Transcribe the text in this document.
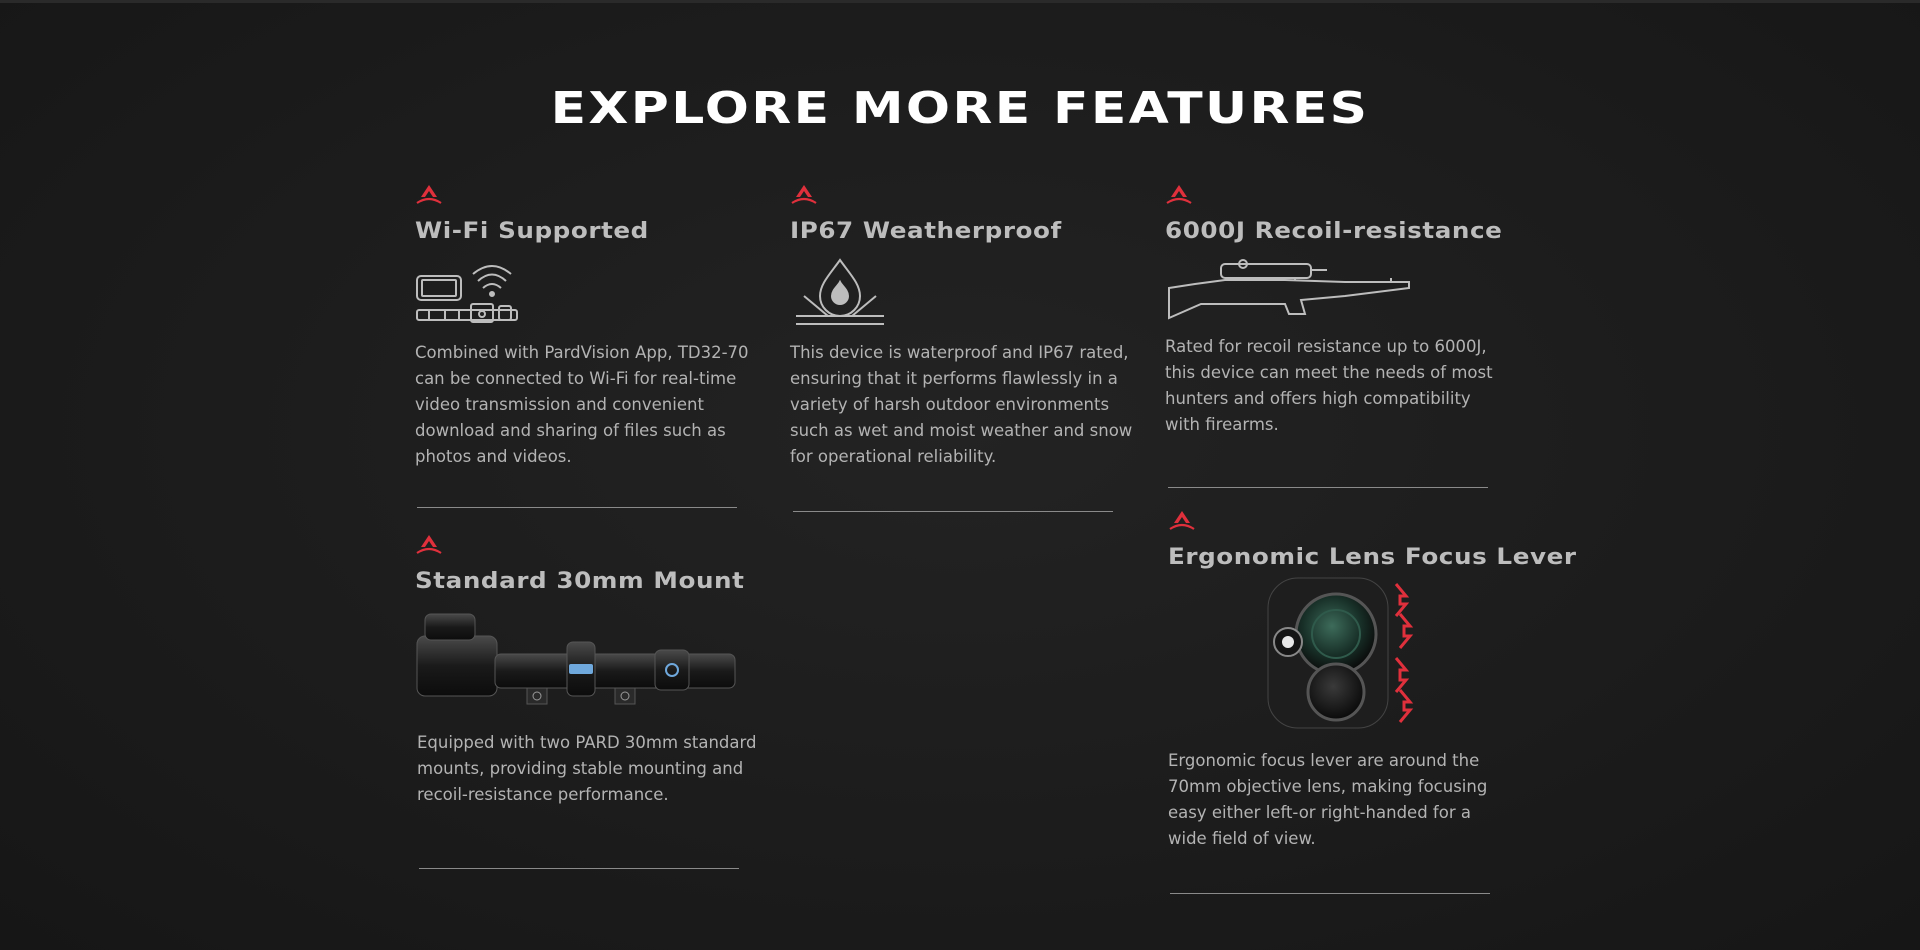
EXPLORE MORE FEATURES
Wi-Fi Supported
Combined with PardVision App, TD32-70
can be connected to Wi-Fi for real-time
video transmission and convenient
download and sharing of files such as
photos and videos.
IP67 Weatherproof
This device is waterproof and IP67 rated,
ensuring that it performs flawlessly in a
variety of harsh outdoor environments
such as wet and moist weather and snow
for operational reliability.
6000J Recoil-resistance
Rated for recoil resistance up to 6000J,
this device can meet the needs of most
hunters and offers high compatibility
with firearms.
Standard 30mm Mount
Equipped with two PARD 30mm standard
mounts, providing stable mounting and
recoil-resistance performance.
Ergonomic Lens Focus Lever
Ergonomic focus lever are around the
70mm objective lens, making focusing
easy either left-or right-handed for a
wide field of view.
